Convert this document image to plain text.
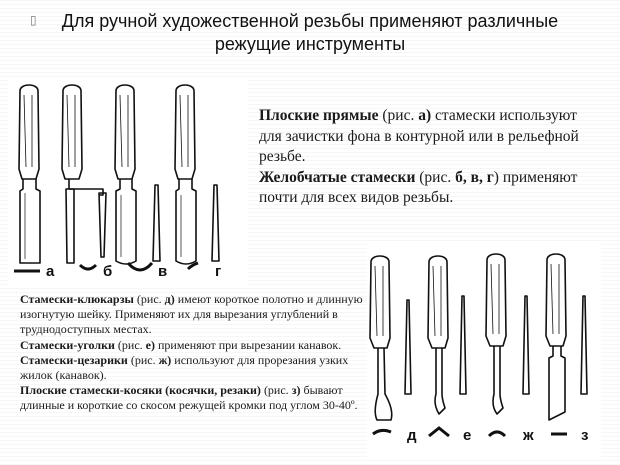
▯	Для ручной художественной резьбы применяют различные
режущие инструменты
а	б	в	г
Плоские прямые (рис. а) стамески используют для зачистки фона в контурной или в рельефной резьбе.
Желобчатые стамески (рис. б, в, г) применяют почти для всех видов резьбы.
д	е	ж	з
Стамески-клюкарзы (рис. д) имеют короткое полотно и длинную изогнутую шейку. Применяют их для вырезания углублений в труднодоступных местах.
Стамески-уголки (рис. е) применяют при вырезании канавок.
Стамески-цезарики (рис. ж) используют для прорезания узких жилок (канавок).
Плоские стамески-косяки (косячки, резаки) (рис. з) бывают длинные и короткие со скосом режущей кромки под углом 30-40º.
